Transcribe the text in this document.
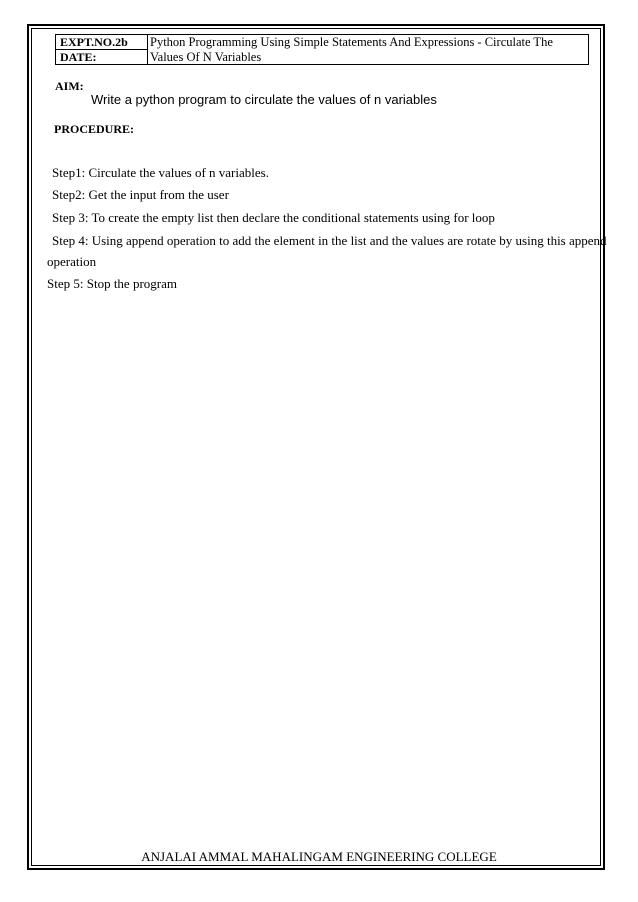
EXPT.NO.2b
DATE:
Python Programming Using Simple Statements And Expressions - Circulate The Values Of N Variables
AIM:
Write a python program to circulate the values of n variables
PROCEDURE:
Step1: Circulate the values of n variables.
Step2: Get the input from the user
Step 3: To create the empty list then declare the conditional statements using for loop
Step 4: Using append operation to add the element in the list and the values are rotate by using this append
operation
Step 5: Stop the program
ANJALAI AMMAL MAHALINGAM ENGINEERING COLLEGE
